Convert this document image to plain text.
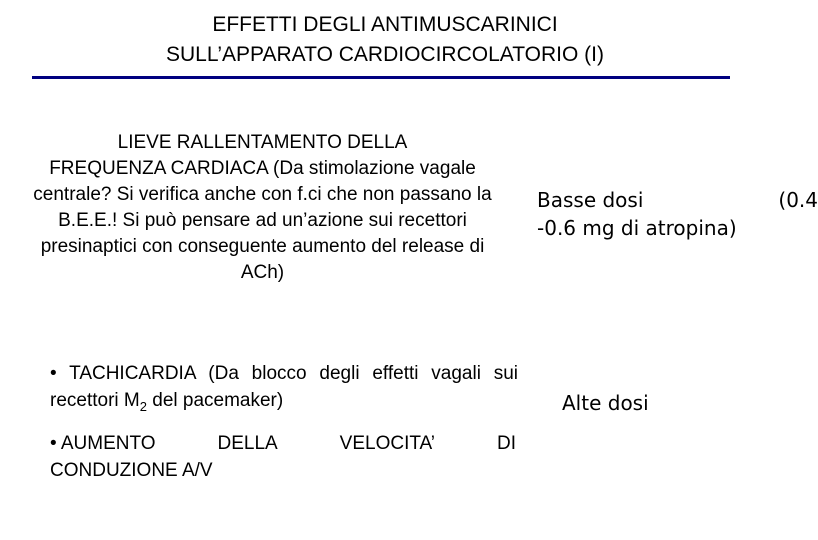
EFFETTI DEGLI ANTIMUSCARINICI
SULL’APPARATO CARDIOCIRCOLATORIO (I)
LIEVE RALLENTAMENTO DELLA
FREQUENZA CARDIACA (Da stimolazione vagale centrale? Si verifica anche con f.ci che non passano la B.E.E.! Si può pensare ad un’azione sui recettori presinaptici con conseguente aumento del release di ACh)
Basse dosi	(0.4
-0.6 mg di atropina)
Alte dosi
• TACHICARDIA (Da blocco degli effetti vagali sui recettori $M_2$ del pacemaker)
• AUMENTO	DELLA	VELOCITA’	DI
CONDUZIONE A/V
